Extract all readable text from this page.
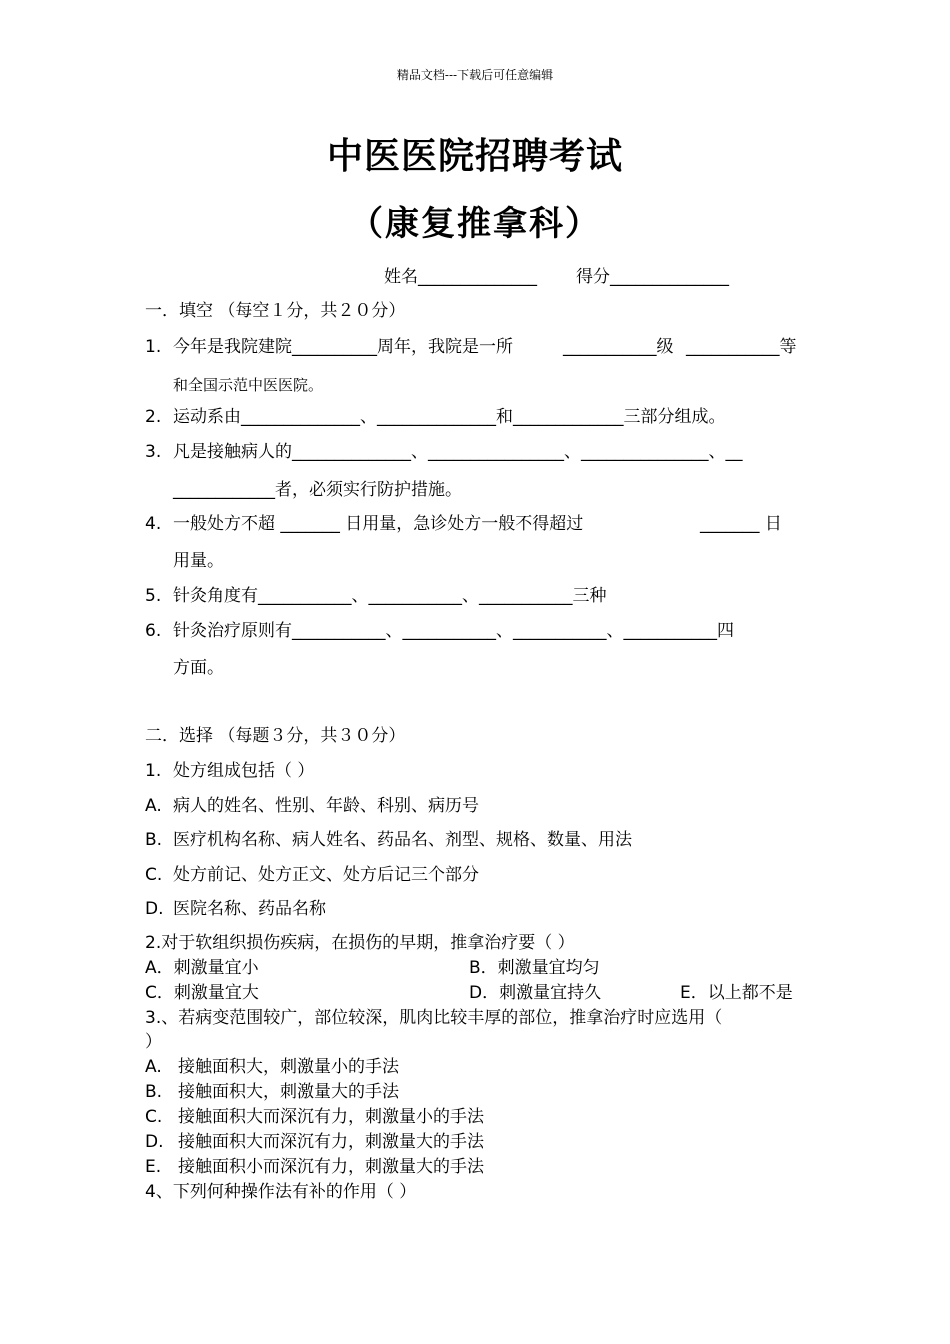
精品文档---下载后可任意编辑
中医医院招聘考试
（康复推拿科）
姓名______________ 得分______________
一．填空 （每空１分，共２０分）
1. 今年是我院建院__________周年，我院是一所	___________级 ___________等
和全国示范中医医院。
2. 运动系由______________、______________和_____________三部分组成。
3. 凡是接触病人的______________、________________、_______________、__
____________者，必须实行防护措施。
4. 一般处方不超 _______ 日用量，急诊处方一般不得超过	_______ 日
用量。
5. 针灸角度有___________、___________、___________三种
6. 针灸治疗原则有___________、___________、___________、___________四
方面。
二．选择 （每题３分，共３０分）
1. 处方组成包括（ ）
A. 病人的姓名、性别、年龄、科别、病历号
B. 医疗机构名称、病人姓名、药品名、剂型、规格、数量、用法
C. 处方前记、处方正文、处方后记三个部分
D. 医院名称、药品名称
2.对于软组织损伤疾病，在损伤的早期，推拿治疗要（ ）
A．刺激量宜小	B．刺激量宜均匀
C．刺激量宜大	D．刺激量宜持久	E．以上都不是
3.、若病变范围较广，部位较深，肌肉比较丰厚的部位，推拿治疗时应选用（
）
A. 接触面积大，刺激量小的手法
B. 接触面积大，刺激量大的手法
C. 接触面积大而深沉有力，刺激量小的手法
D. 接触面积大而深沉有力，刺激量大的手法
E. 接触面积小而深沉有力，刺激量大的手法
4、下列何种操作法有补的作用（ ）
